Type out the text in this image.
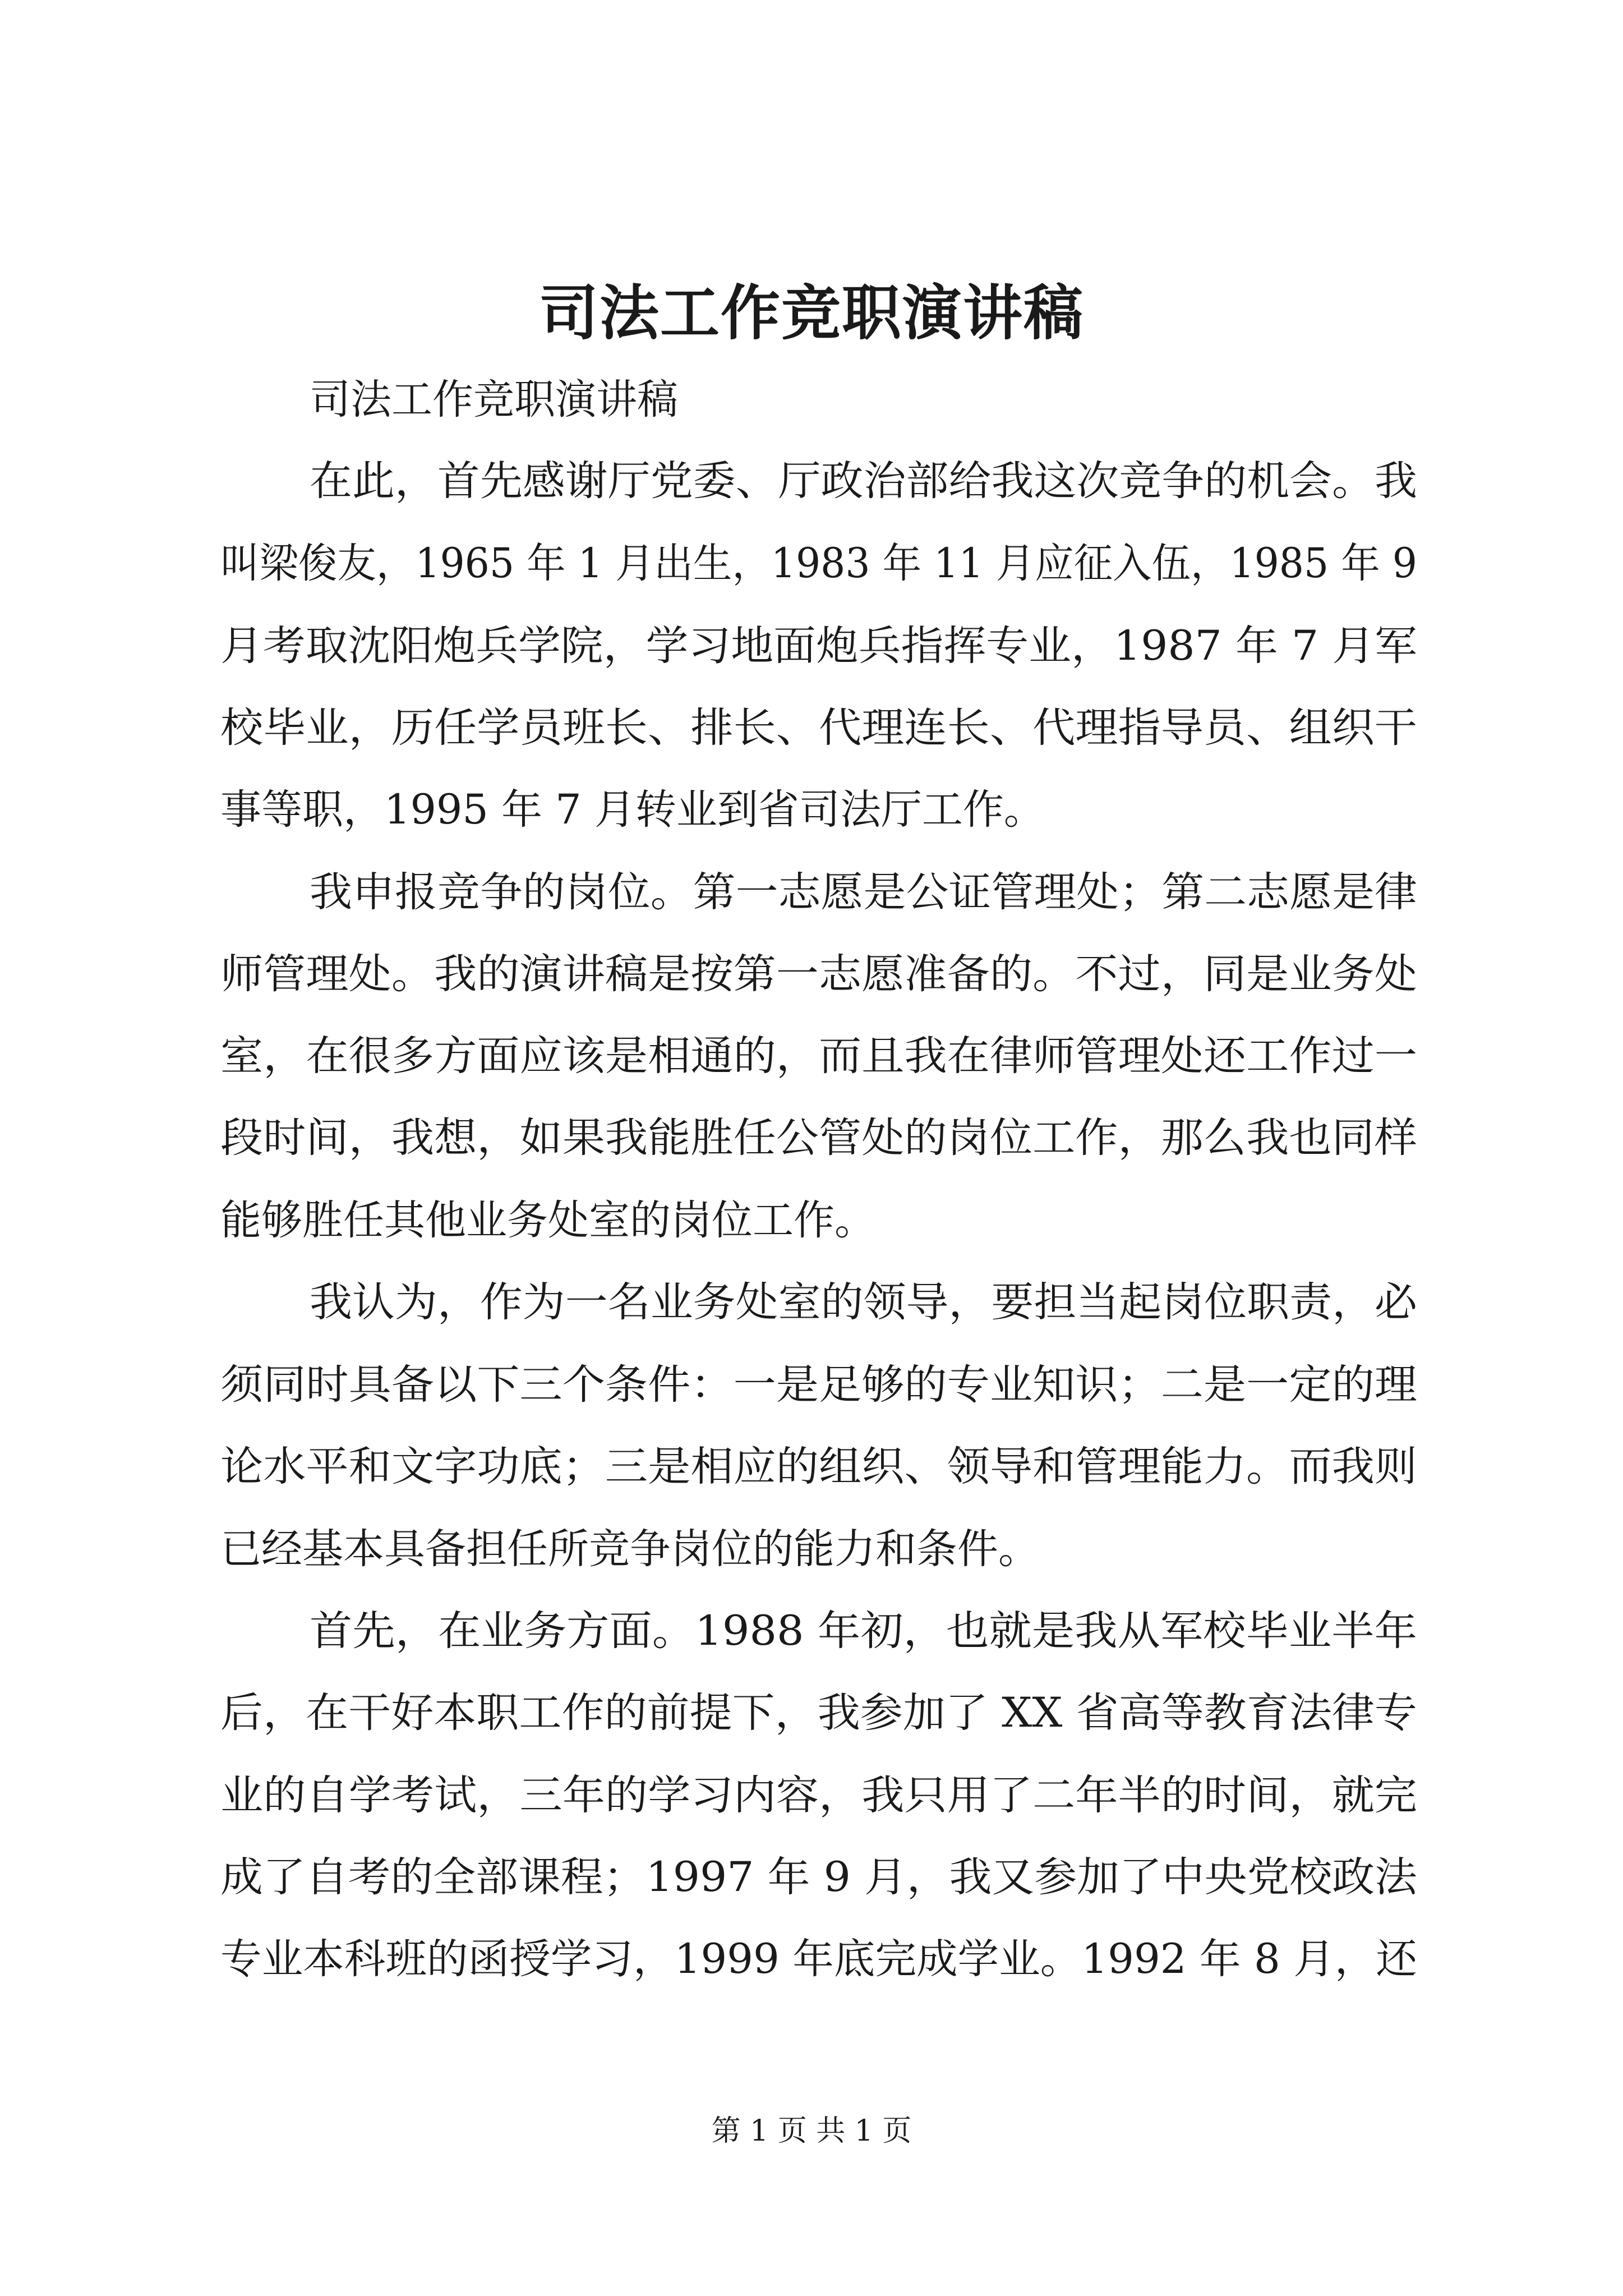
司法工作竞职演讲稿
司法工作竞职演讲稿
在此，首先感谢厅党委、厅政治部给我这次竞争的机会。我
叫梁俊友，1965 年 1 月出生，1983 年 11 月应征入伍，1985 年 9
月考取沈阳炮兵学院，学习地面炮兵指挥专业，1987 年 7 月军
校毕业，历任学员班长、排长、代理连长、代理指导员、组织干
事等职，1995 年 7 月转业到省司法厅工作。
我申报竞争的岗位。第一志愿是公证管理处；第二志愿是律
师管理处。我的演讲稿是按第一志愿准备的。不过，同是业务处
室，在很多方面应该是相通的，而且我在律师管理处还工作过一
段时间，我想，如果我能胜任公管处的岗位工作，那么我也同样
能够胜任其他业务处室的岗位工作。
我认为，作为一名业务处室的领导，要担当起岗位职责，必
须同时具备以下三个条件：一是足够的专业知识；二是一定的理
论水平和文字功底；三是相应的组织、领导和管理能力。而我则
已经基本具备担任所竞争岗位的能力和条件。
首先，在业务方面。1988 年初，也就是我从军校毕业半年
后，在干好本职工作的前提下，我参加了 XX 省高等教育法律专
业的自学考试，三年的学习内容，我只用了二年半的时间，就完
成了自考的全部课程；1997 年 9 月，我又参加了中央党校政法
专业本科班的函授学习，1999 年底完成学业。1992 年 8 月，还
第 1 页 共 1 页
